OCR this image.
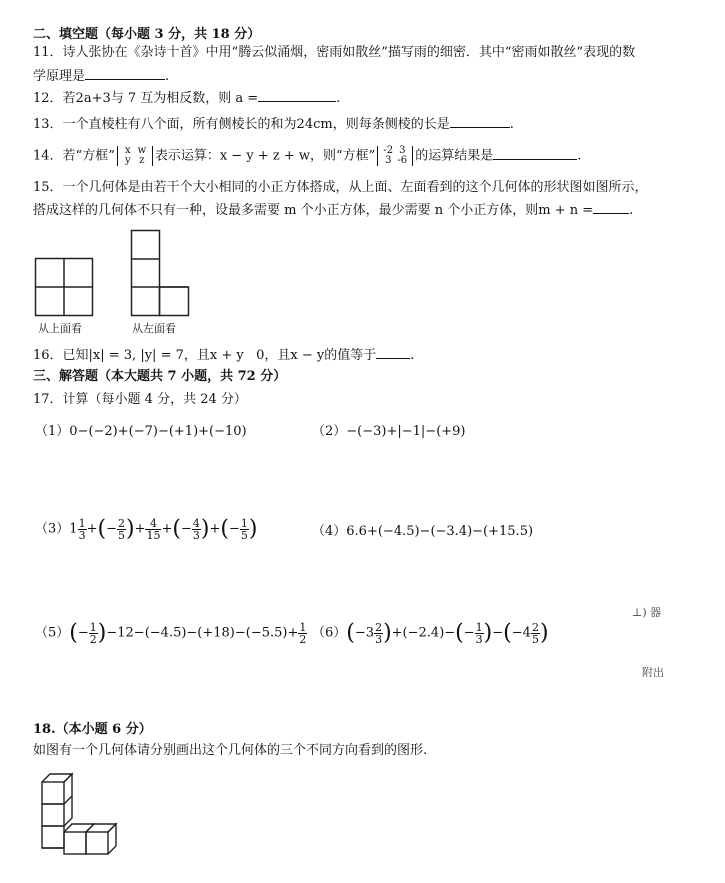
二、填空题（每小题 3 分，共 18 分）
11．诗人张协在《杂诗十首》中用“腾云似涌烟，密雨如散丝”描写雨的细密．其中“密雨如散丝”表现的数
学原理是	.
12．若2a+3与 7 互为相反数，则 a =	.
13．一个直棱柱有八个面，所有侧棱长的和为24cm，则每条侧棱的长是	.
14．若“方框” x w
y z 表示运算：x − y + z + w，则“方框” -2 3
3 -6 的运算结果是	.
15．一个几何体是由若干个大小相同的小正方体搭成，从上面、左面看到的这个几何体的形状图如图所示，
搭成这样的几何体不只有一种，设最多需要 m 个小正方体，最少需要 n 个小正方体，则m + n =	.
从上面看	从左面看
16．已知|x| = 3, |y| = 7，且x + y 0，且x − y的值等于	.
三、解答题（本大题共 7 小题，共 72 分）
17．计算（每小题 4 分，共 24 分）
（1）0−(−2)+(−7)−(+1)+(−10)	（2）−(−3)+|−1|−(+9)
$(3)1 \frac{1}{3}$ +(− $\frac{2}{5}$ )+ $\frac{4}{15}$ +(− $\frac{4}{3}$ )+(− $\frac{1}{5}$ )	（4）6.6+(−4.5)−(−3.4)−(+15.5)
$(5)(- \frac{1}{2} )-12-(-4.5)-(+18)-(-5.5)+ \frac{1}{2} (6)(-3 \frac{2}{3} )+(-2.4)-(- \frac{1}{3} )-(-4 \frac{2}{5}$ )
⊥) 器
附出
18.（本小题 6 分）
如图有一个几何体请分别画出这个几何体的三个不同方向看到的图形.
